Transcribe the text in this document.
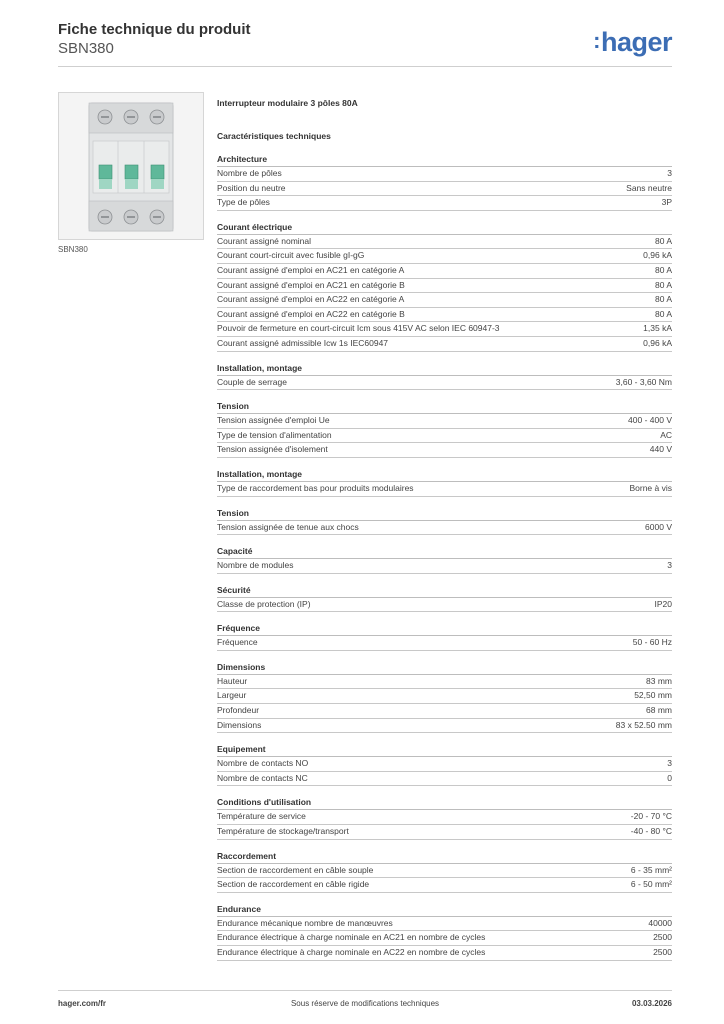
Fiche technique du produit
SBN380	:hager
SBN380
Interrupteur modulaire 3 pôles 80A
Caractéristiques techniques
Architecture
Nombre de pôles	3
Position du neutre	Sans neutre
Type de pôles	3P
Courant électrique
Courant assigné nominal	80 A
Courant court-circuit avec fusible gI-gG	0,96 kA
Courant assigné d'emploi en AC21 en catégorie A	80 A
Courant assigné d'emploi en AC21 en catégorie B	80 A
Courant assigné d'emploi en AC22 en catégorie A	80 A
Courant assigné d'emploi en AC22 en catégorie B	80 A
Pouvoir de fermeture en court-circuit Icm sous 415V AC selon IEC 60947-3	1,35 kA
Courant assigné admissible Icw 1s IEC60947	0,96 kA
Installation, montage
Couple de serrage	3,60 - 3,60 Nm
Tension
Tension assignée d'emploi Ue	400 - 400 V
Type de tension d'alimentation	AC
Tension assignée d'isolement	440 V
Installation, montage
Type de raccordement bas pour produits modulaires	Borne à vis
Tension
Tension assignée de tenue aux chocs	6000 V
Capacité
Nombre de modules	3
Sécurité
Classe de protection (IP)	IP20
Fréquence
Fréquence	50 - 60 Hz
Dimensions
Hauteur	83 mm
Largeur	52,50 mm
Profondeur	68 mm
Dimensions	83 x 52.50 mm
Equipement
Nombre de contacts NO	3
Nombre de contacts NC	0
Conditions d'utilisation
Température de service	-20 - 70 °C
Température de stockage/transport	-40 - 80 °C
Raccordement
Section de raccordement en câble souple	6 - 35 mm²
Section de raccordement en câble rigide	6 - 50 mm²
Endurance
Endurance mécanique nombre de manœuvres	40000
Endurance électrique à charge nominale en AC21 en nombre de cycles	2500
Endurance électrique à charge nominale en AC22 en nombre de cycles	2500
hager.com/fr	Sous réserve de modifications techniques	03.03.2026
